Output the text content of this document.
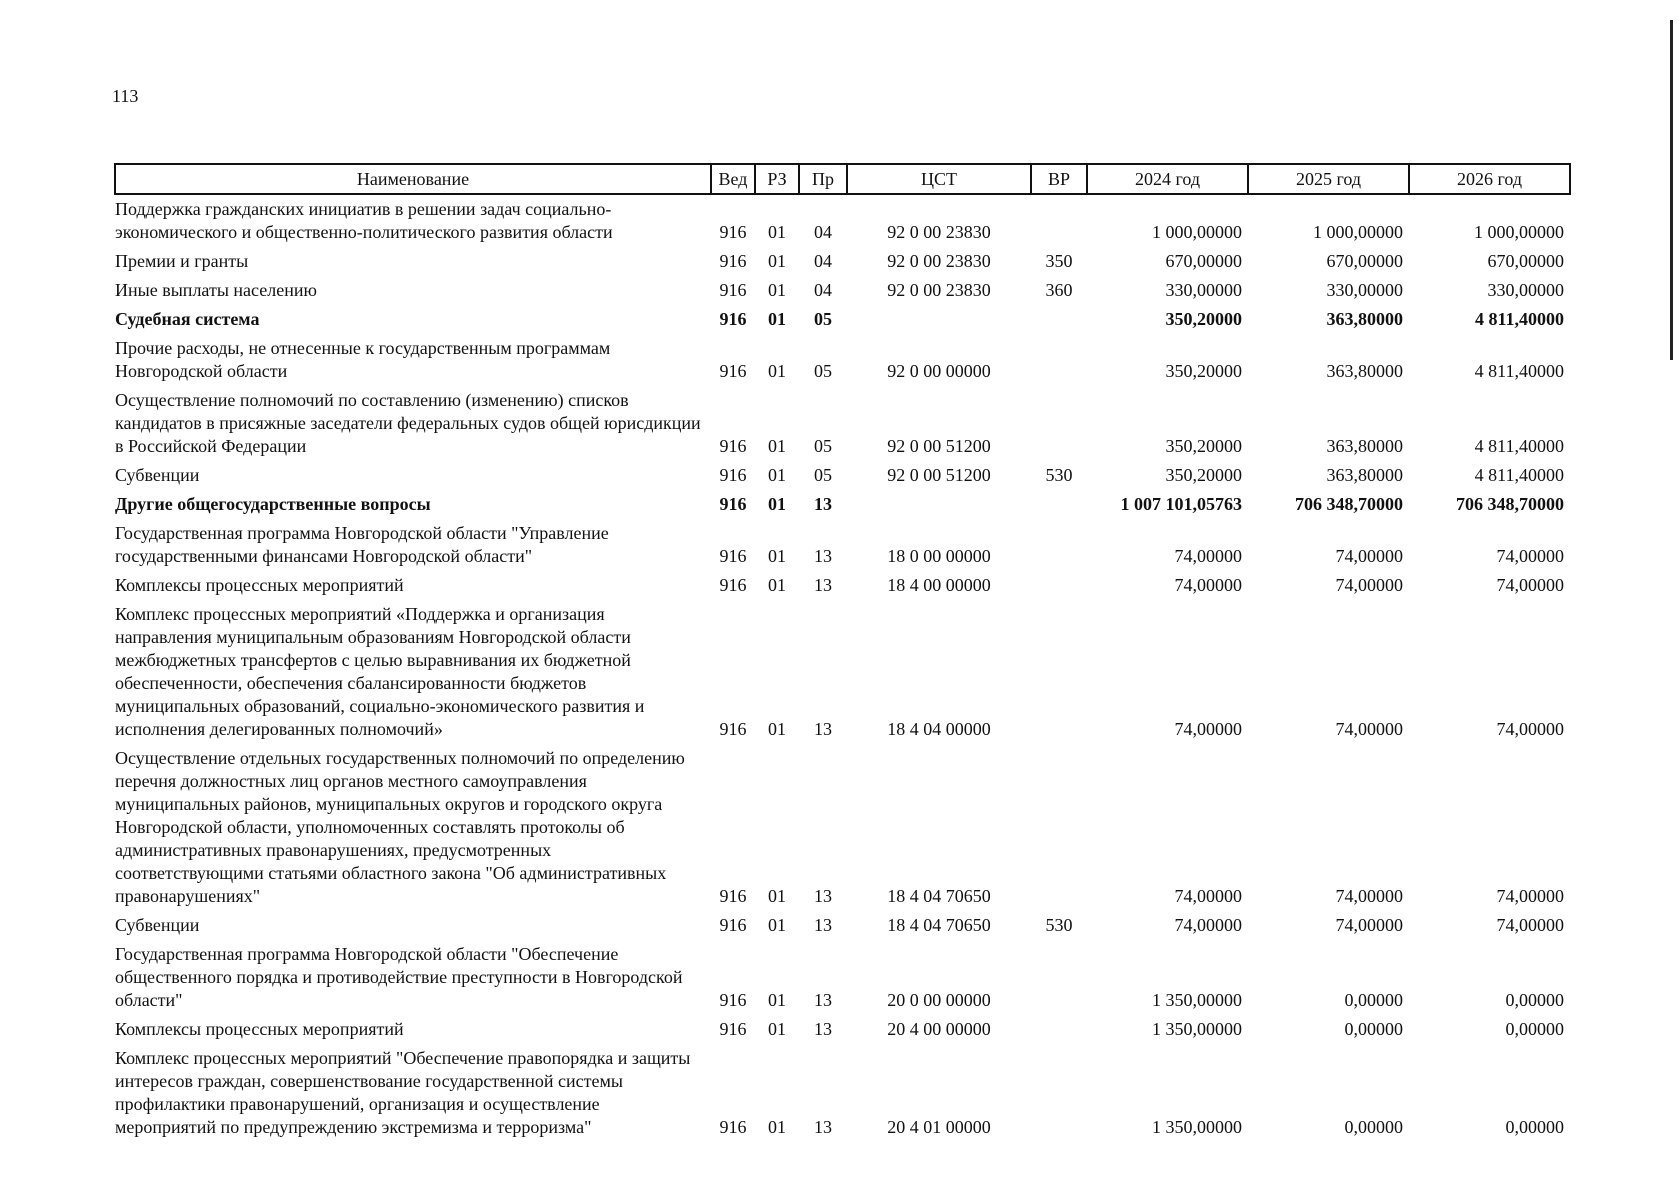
113
Наименование	Вед	РЗ	Пр	ЦСТ	ВР	2024 год	2025 год	2026 год
Поддержка гражданских инициатив в решении задач социально-экономического и общественно-политического развития области	916	01	04	92 0 00 23830		1 000,00000	1 000,00000	1 000,00000
Премии и гранты	916	01	04	92 0 00 23830	350	670,00000	670,00000	670,00000
Иные выплаты населению	916	01	04	92 0 00 23830	360	330,00000	330,00000	330,00000
Судебная система	916	01	05			350,20000	363,80000	4 811,40000
Прочие расходы, не отнесенные к государственным программам Новгородской области	916	01	05	92 0 00 00000		350,20000	363,80000	4 811,40000
Осуществление полномочий по составлению (изменению) списков кандидатов в присяжные заседатели федеральных судов общей юрисдикции в Российской Федерации	916	01	05	92 0 00 51200		350,20000	363,80000	4 811,40000
Субвенции	916	01	05	92 0 00 51200	530	350,20000	363,80000	4 811,40000
Другие общегосударственные вопросы	916	01	13			1 007 101,05763	706 348,70000	706 348,70000
Государственная программа Новгородской области "Управление государственными финансами Новгородской области"	916	01	13	18 0 00 00000		74,00000	74,00000	74,00000
Комплексы процессных мероприятий	916	01	13	18 4 00 00000		74,00000	74,00000	74,00000
Комплекс процессных мероприятий «Поддержка и организация направления муниципальным образованиям Новгородской области межбюджетных трансфертов с целью выравнивания их бюджетной обеспеченности, обеспечения сбалансированности бюджетов муниципальных образований, социально-экономического развития и исполнения делегированных полномочий»	916	01	13	18 4 04 00000		74,00000	74,00000	74,00000
Осуществление отдельных государственных полномочий по определению перечня должностных лиц органов местного самоуправления муниципальных районов, муниципальных округов и городского округа Новгородской области, уполномоченных составлять протоколы об административных правонарушениях, предусмотренных соответствующими статьями областного закона "Об административных правонарушениях"	916	01	13	18 4 04 70650		74,00000	74,00000	74,00000
Субвенции	916	01	13	18 4 04 70650	530	74,00000	74,00000	74,00000
Государственная программа Новгородской области "Обеспечение общественного порядка и противодействие преступности в Новгородской области"	916	01	13	20 0 00 00000		1 350,00000	0,00000	0,00000
Комплексы процессных мероприятий	916	01	13	20 4 00 00000		1 350,00000	0,00000	0,00000
Комплекс процессных мероприятий "Обеспечение правопорядка и защиты интересов граждан, совершенствование государственной системы профилактики правонарушений, организация и осуществление мероприятий по предупреждению экстремизма и терроризма"	916	01	13	20 4 01 00000		1 350,00000	0,00000	0,00000
